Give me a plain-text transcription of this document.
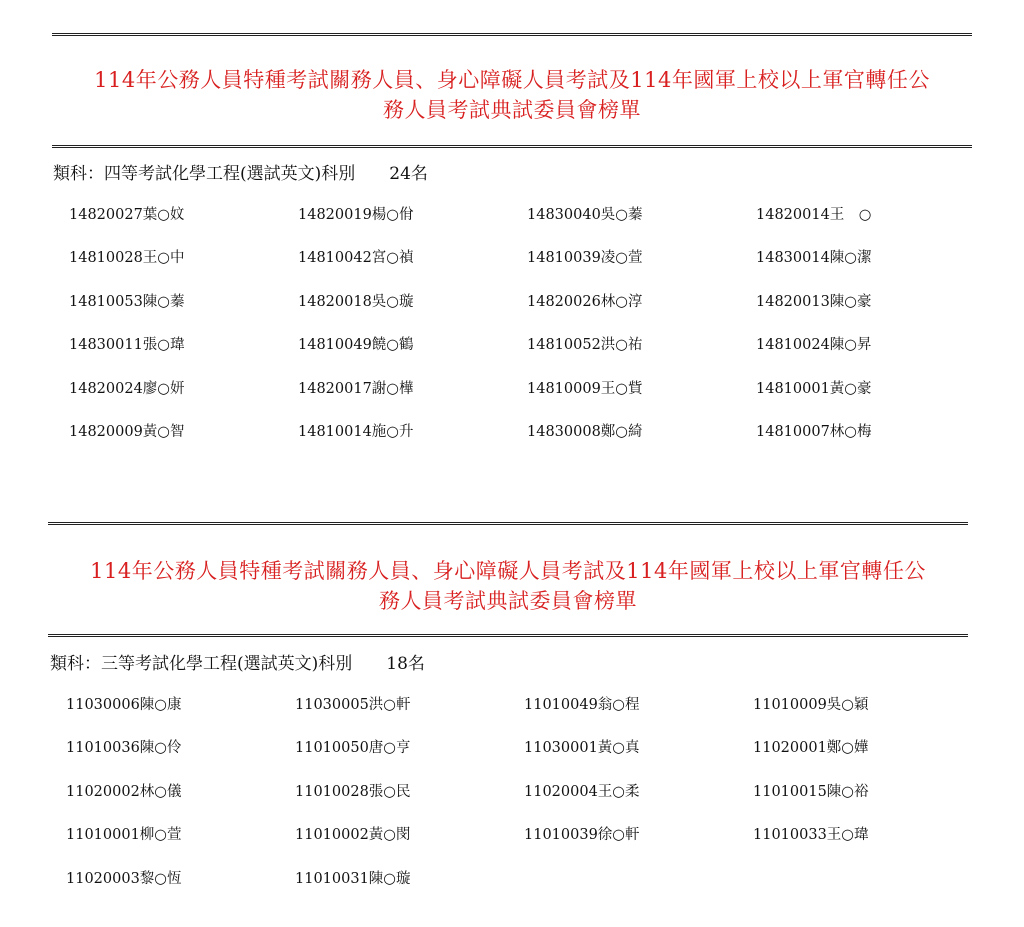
114年公務人員特種考試關務人員、身心障礙人員考試及114年國軍上校以上軍官轉任公
務人員考試典試委員會榜單
類科：四等考試化學工程(選試英文)科別 24名
14820027葉○妏	14820019楊○佾	14830040吳○蓁	14820014王　○
14810028王○中	14810042宮○禎	14810039凌○萱	14830014陳○潔
14810053陳○蓁	14820018吳○璇	14820026林○淳	14820013陳○豪
14830011張○瑋	14810049饒○鶴	14810052洪○祐	14810024陳○昇
14820024廖○妍	14820017謝○樺	14810009王○貲	14810001黃○豪
14820009黃○智	14810014施○升	14830008鄭○綺	14810007林○梅
114年公務人員特種考試關務人員、身心障礙人員考試及114年國軍上校以上軍官轉任公
務人員考試典試委員會榜單
類科：三等考試化學工程(選試英文)科別 18名
11030006陳○康	11030005洪○軒	11010049翁○程	11010009吳○穎
11010036陳○伶	11010050唐○亨	11030001黃○真	11020001鄭○嬅
11020002林○儀	11010028張○民	11020004王○柔	11010015陳○裕
11010001柳○萱	11010002黃○閔	11010039徐○軒	11010033王○瑋
11020003黎○恆	11010031陳○璇
